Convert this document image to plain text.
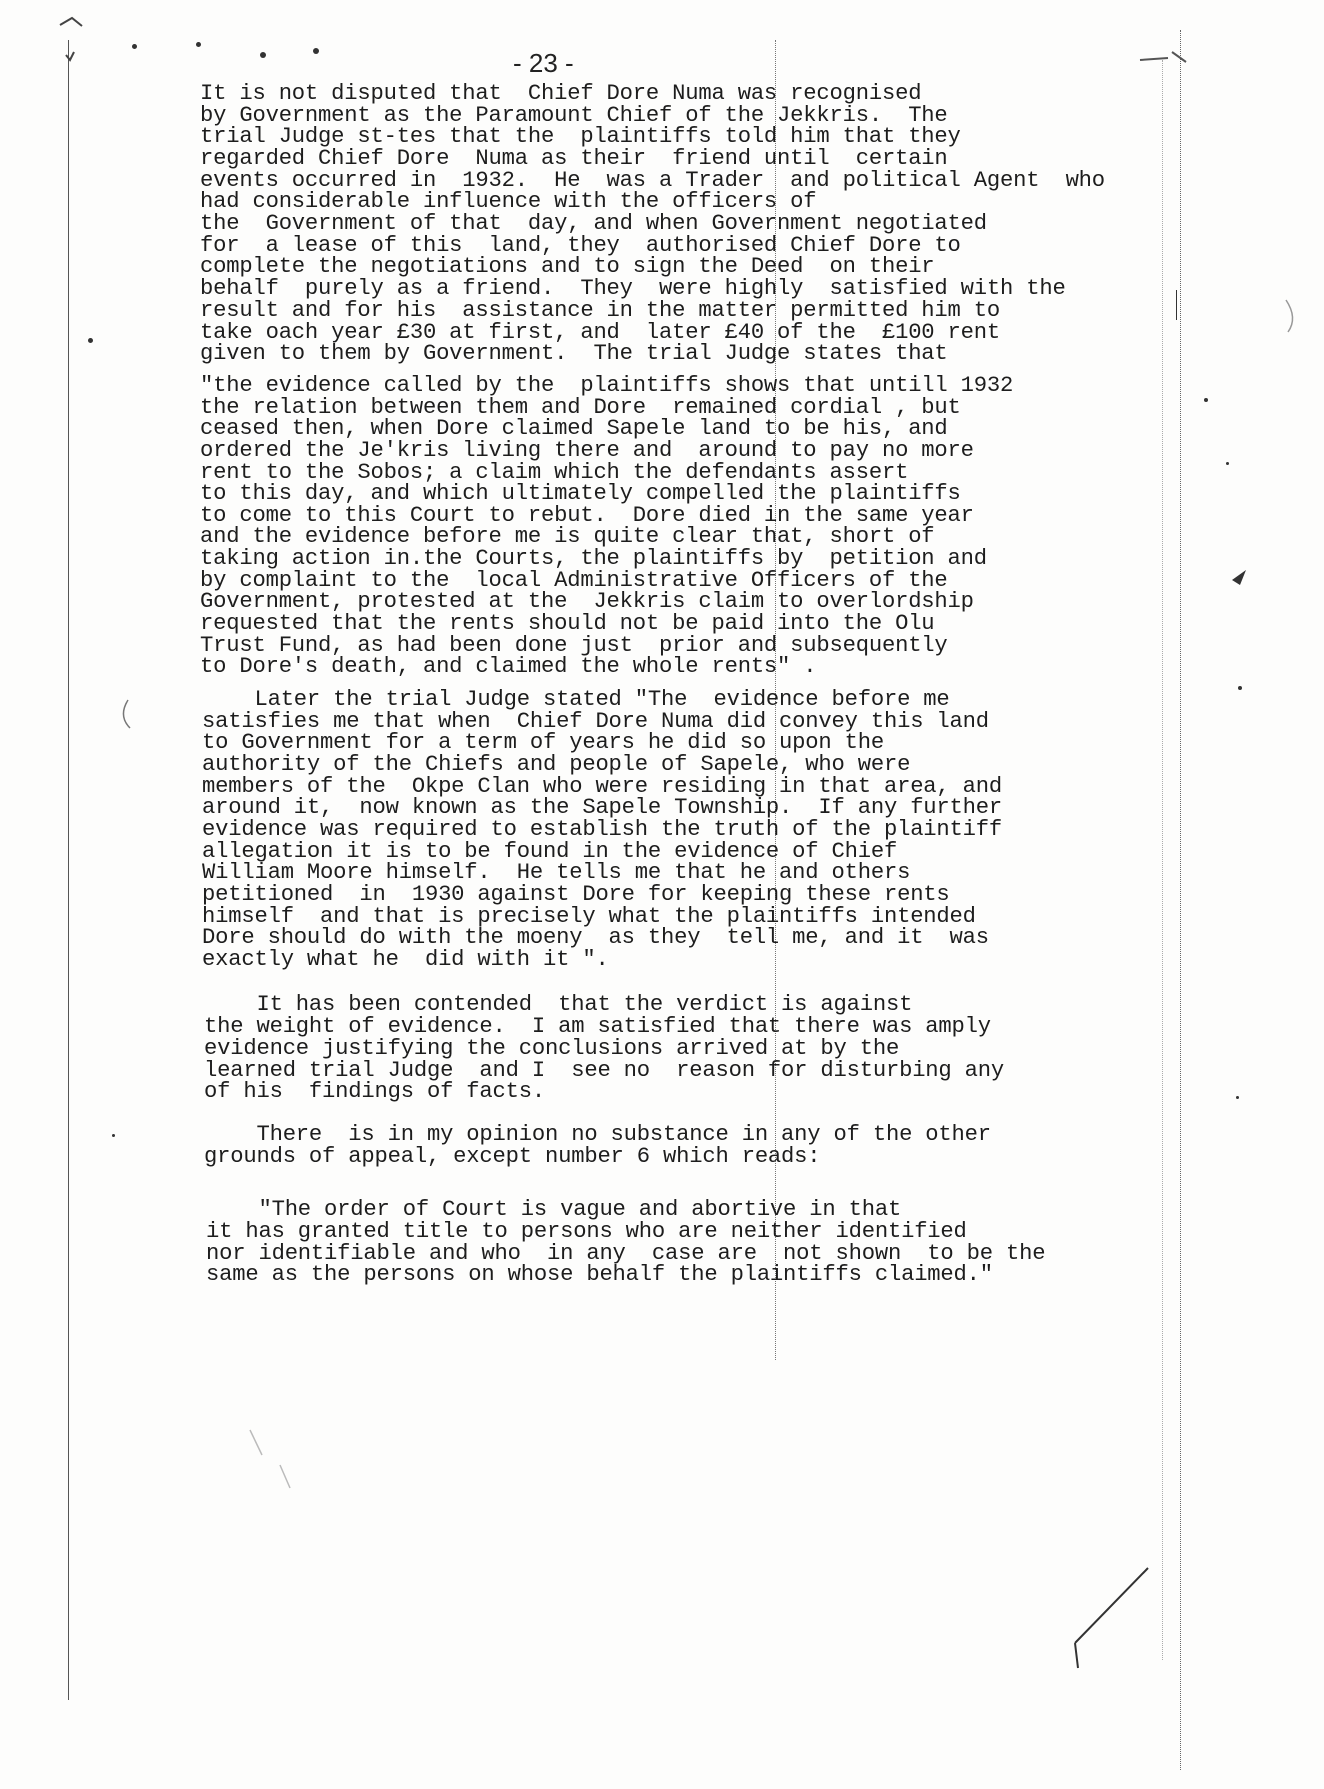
- 23 -
It is not disputed that  Chief Dore Numa was recognised
by Government as the Paramount Chief of the Jekkris.  The
trial Judge st-tes that the  plaintiffs told him that they
regarded Chief Dore  Numa as their  friend until  certain
events occurred in  1932.  He  was a Trader  and political Agent  who
had considerable influence with the officers of
the  Government of that  day, and when Government negotiated
for  a lease of this  land, they  authorised Chief Dore to
complete the negotiations and to sign the Deed  on their
behalf  purely as a friend.  They  were highly  satisfied with the
result and for his  assistance in the matter permitted him to
take oach year £30 at first, and  later £40 of the  £100 rent
given to them by Government.  The trial Judge states that
"the evidence called by the  plaintiffs shows that untill 1932
the relation between them and Dore  remained cordial , but
ceased then, when Dore claimed Sapele land to be his, and
ordered the Je'kris living there and  around to pay no more
rent to the Sobos; a claim which the defendants assert
to this day, and which ultimately compelled the plaintiffs
to come to this Court to rebut.  Dore died in the same year
and the evidence before me is quite clear that, short of
taking action in.the Courts, the plaintiffs by  petition and
by complaint to the  local Administrative Officers of the
Government, protested at the  Jekkris claim to overlordship
requested that the rents should not be paid into the Olu
Trust Fund, as had been done just  prior and subsequently
to Dore's death, and claimed the whole rents" .
Later the trial Judge stated "The  evidence before me
satisfies me that when  Chief Dore Numa did convey this land
to Government for a term of years he did so upon the
authority of the Chiefs and people of Sapele, who were
members of the  Okpe Clan who were residing in that area, and
around it,  now known as the Sapele Township.  If any further
evidence was required to establish the truth of the plaintiff
allegation it is to be found in the evidence of Chief
William Moore himself.  He tells me that he and others
petitioned  in  1930 against Dore for keeping these rents
himself  and that is precisely what the plaintiffs intended
Dore should do with the moeny  as they  tell me, and it  was
exactly what he  did with it ".
It has been contended  that the verdict is against
the weight of evidence.  I am satisfied that there was amply
evidence justifying the conclusions arrived at by the
learned trial Judge  and I  see no  reason for disturbing any
of his  findings of facts.
There  is in my opinion no substance in any of the other
grounds of appeal, except number 6 which reads:
"The order of Court is vague and abortive in that
it has granted title to persons who are neither identified
nor identifiable and who  in any  case are  not shown  to be the
same as the persons on whose behalf the plaintiffs claimed."
